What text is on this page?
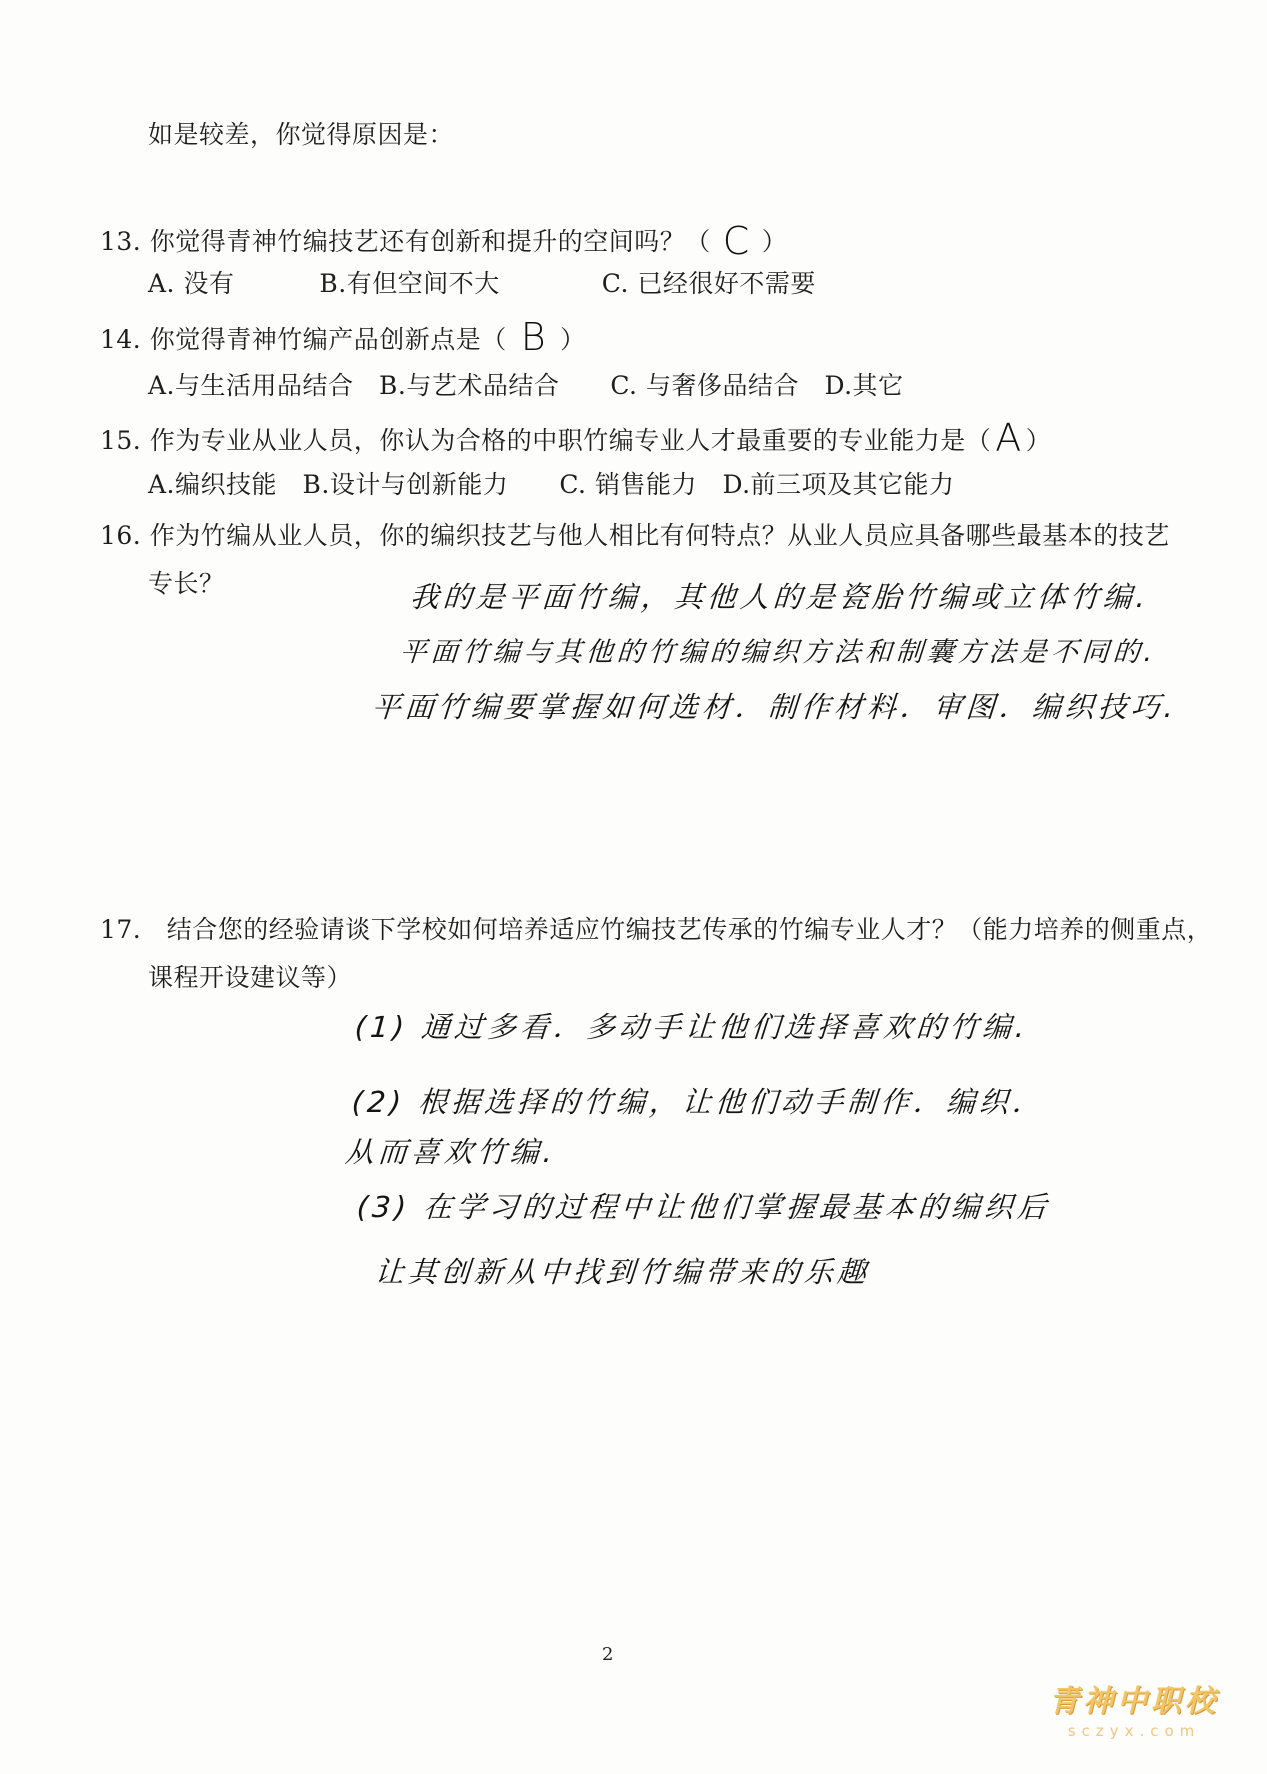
如是较差，你觉得原因是：
13. 你觉得青神竹编技艺还有创新和提升的空间吗？（ C ）
A. 没有　　　 B.有但空间不大　　　　C. 已经很好不需要
14. 你觉得青神竹编产品创新点是（ B ）
A.与生活用品结合　B.与艺术品结合　　C. 与奢侈品结合　D.其它
15. 作为专业从业人员，你认为合格的中职竹编专业人才最重要的专业能力是（ A ）
A.编织技能　B.设计与创新能力　　C. 销售能力　D.前三项及其它能力
16. 作为竹编从业人员，你的编织技艺与他人相比有何特点？从业人员应具备哪些最基本的技艺
专长？	我的是平面竹编，其他人的是瓷胎竹编或立体竹编.
平面竹编与其他的竹编的编织方法和制囊方法是不同的.
平面竹编要掌握如何选材．制作材料．审图．编织技巧.
17.　结合您的经验请谈下学校如何培养适应竹编技艺传承的竹编专业人才？（能力培养的侧重点，
课程开设建议等）
(1) 通过多看．多动手让他们选择喜欢的竹编.
(2) 根据选择的竹编，让他们动手制作．编织．
从而喜欢竹编.
(3) 在学习的过程中让他们掌握最基本的编织后
让其创新从中找到竹编带来的乐趣
2
青神中职校
sczyx.com
